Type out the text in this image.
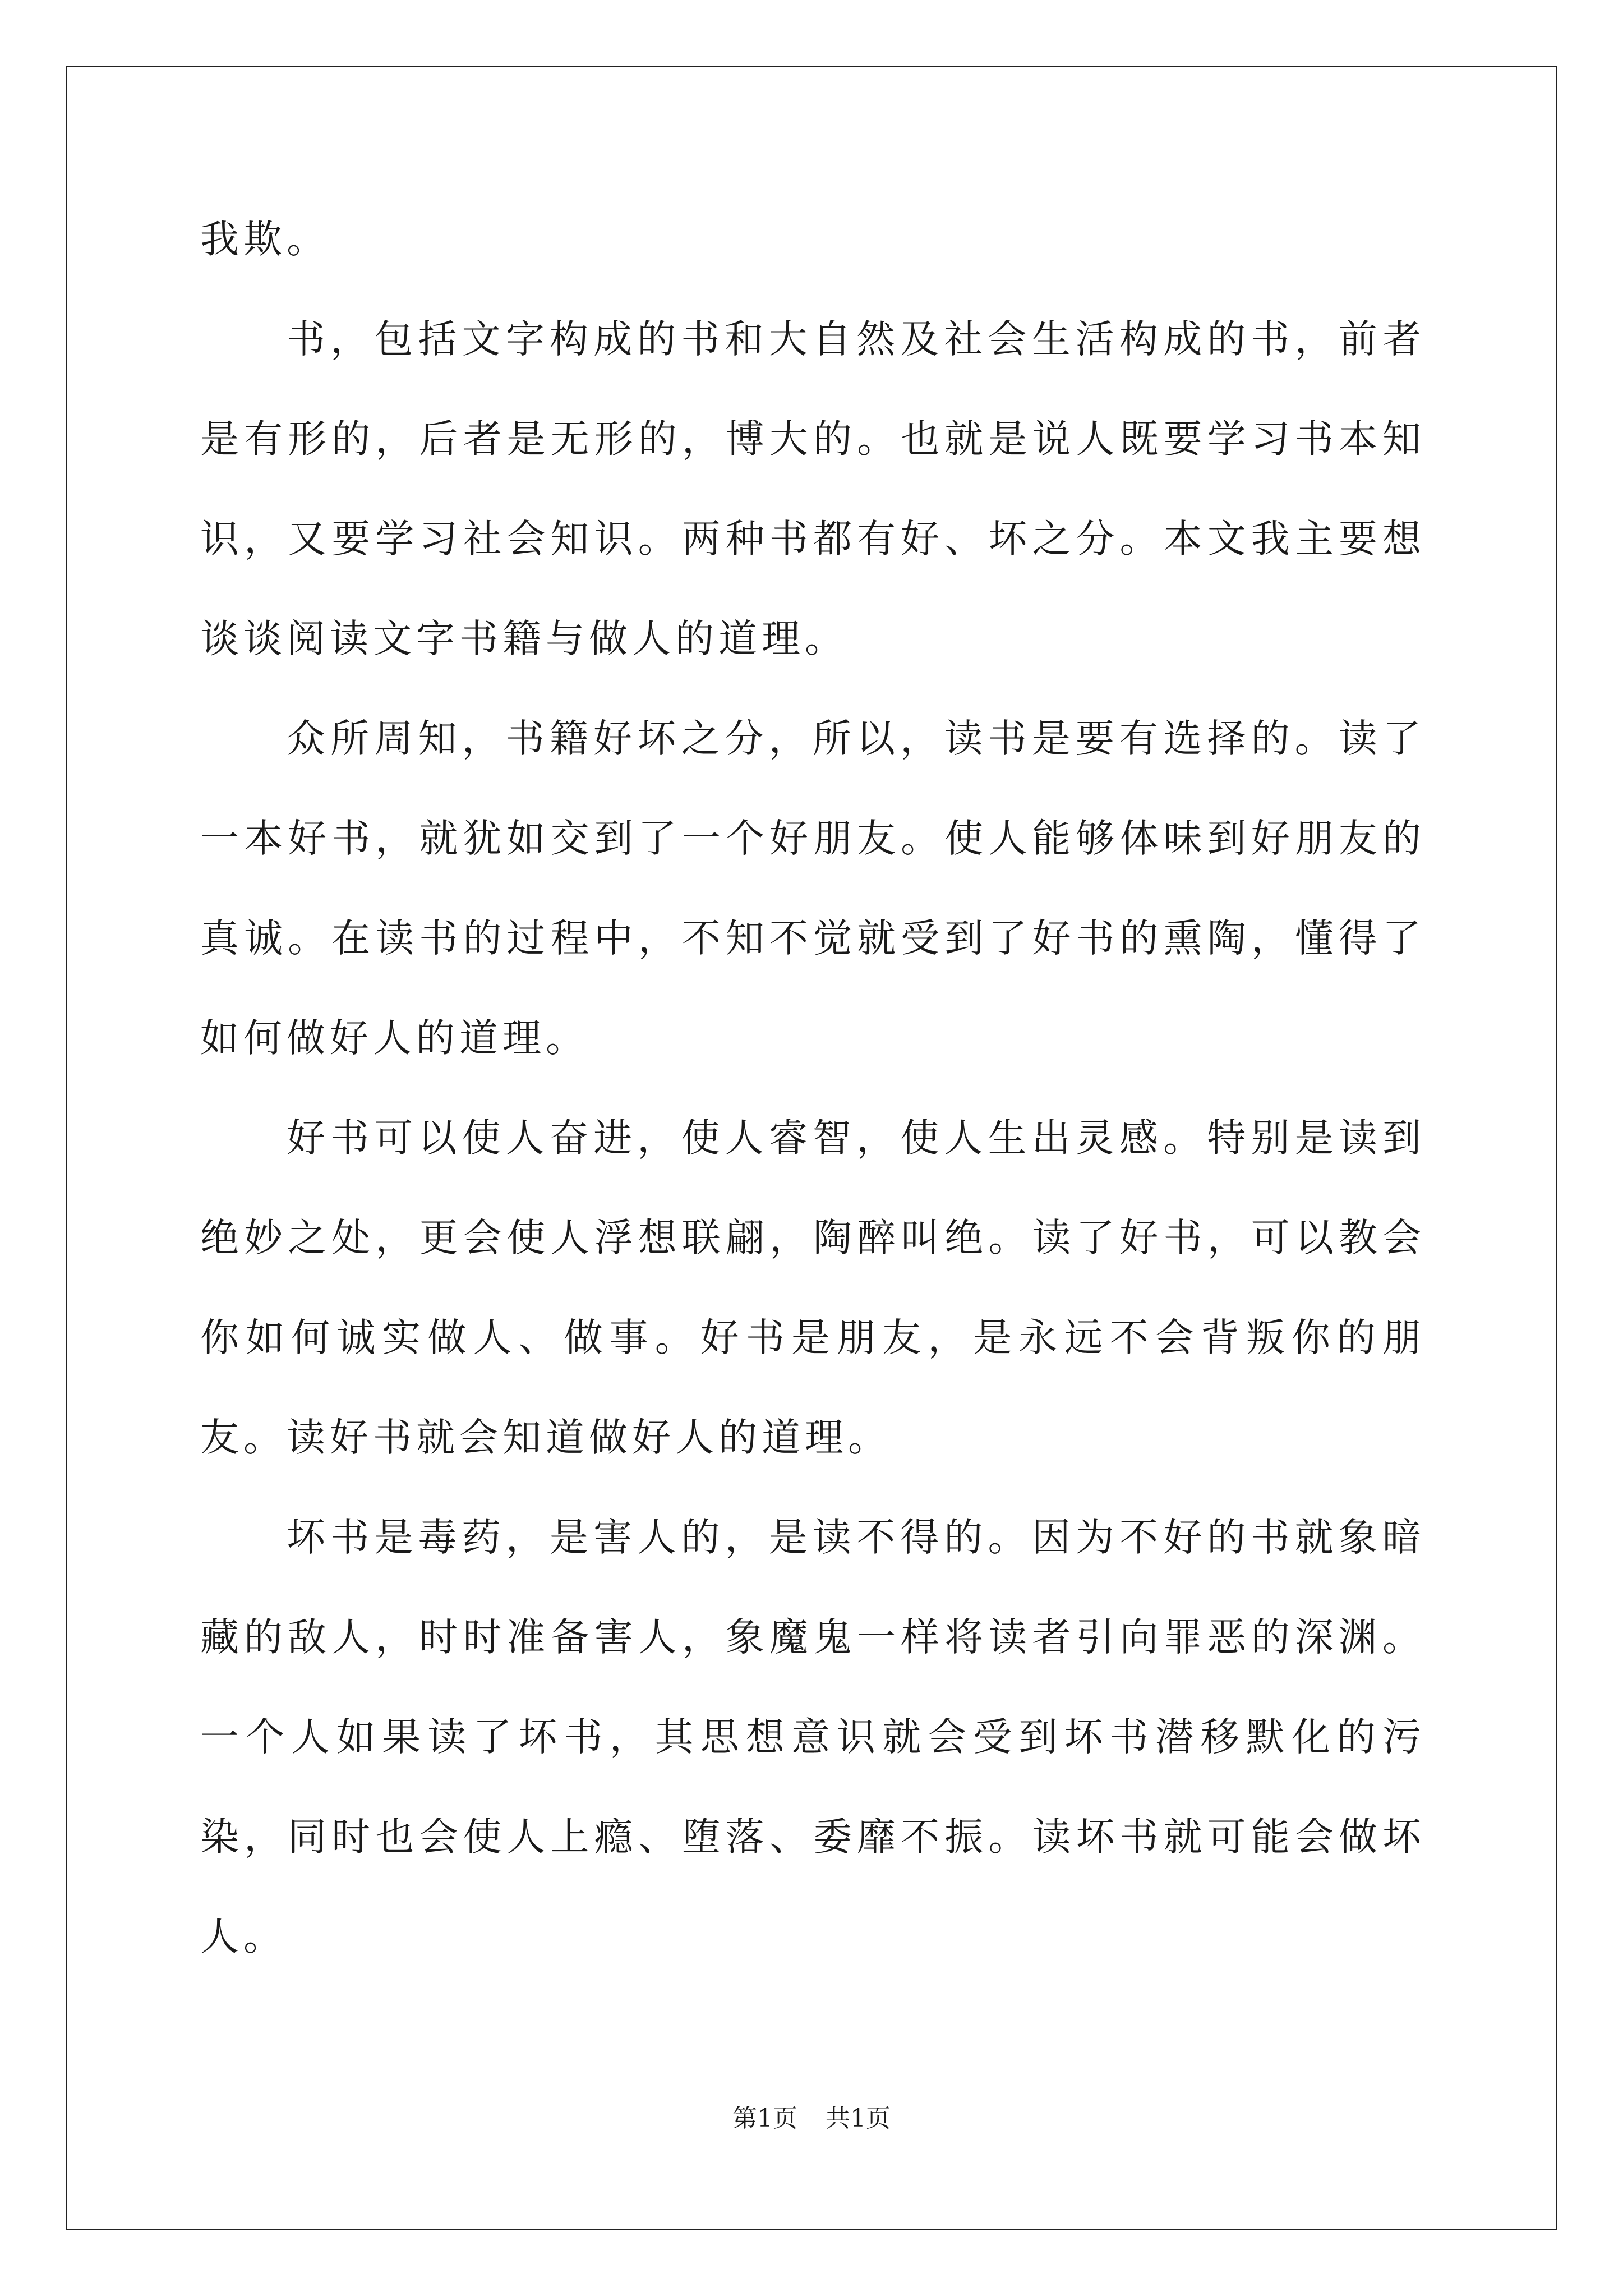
我欺。

书，包括文字构成的书和大自然及社会生活构成的书，前者是有形的，后者是无形的，博大的。也就是说人既要学习书本知识，又要学习社会知识。两种书都有好、坏之分。本文我主要想谈谈阅读文字书籍与做人的道理。

众所周知，书籍好坏之分，所以，读书是要有选择的。读了一本好书，就犹如交到了一个好朋友。使人能够体味到好朋友的真诚。在读书的过程中，不知不觉就受到了好书的熏陶，懂得了如何做好人的道理。

好书可以使人奋进，使人睿智，使人生出灵感。特别是读到绝妙之处，更会使人浮想联翩，陶醉叫绝。读了好书，可以教会你如何诚实做人、做事。好书是朋友，是永远不会背叛你的朋友。读好书就会知道做好人的道理。

坏书是毒药，是害人的，是读不得的。因为不好的书就象暗藏的敌人，时时准备害人，象魔鬼一样将读者引向罪恶的深渊。一个人如果读了坏书，其思想意识就会受到坏书潜移默化的污染，同时也会使人上瘾、堕落、委靡不振。读坏书就可能会做坏人。

第1页 共1页
